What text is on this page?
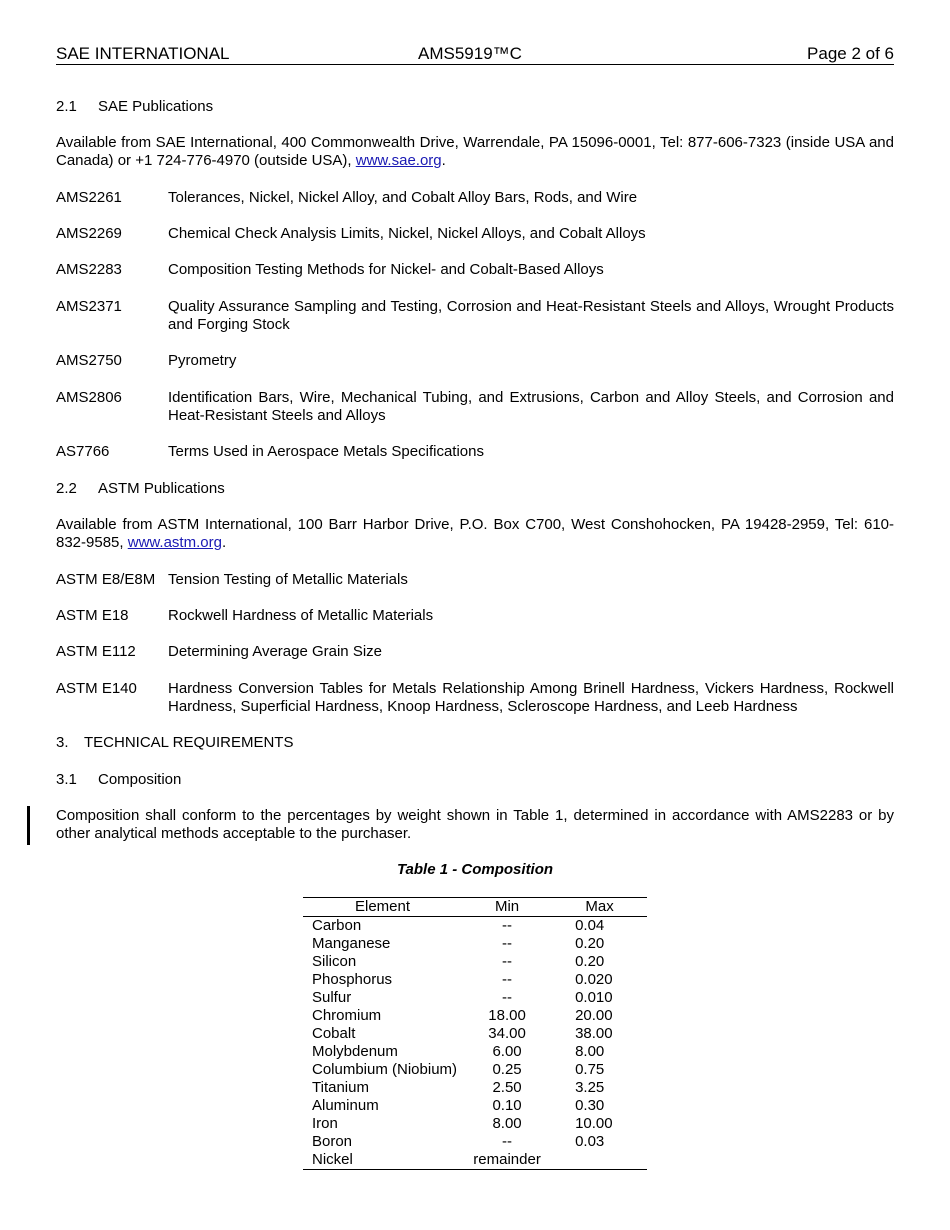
SAE INTERNATIONAL	AMS5919™C	Page 2 of 6
2.1 SAE Publications
Available from SAE International, 400 Commonwealth Drive, Warrendale, PA 15096-0001, Tel: 877-606-7323 (inside USA and Canada) or +1 724-776-4970 (outside USA), www.sae.org.
AMS2261	Tolerances, Nickel, Nickel Alloy, and Cobalt Alloy Bars, Rods, and Wire
AMS2269	Chemical Check Analysis Limits, Nickel, Nickel Alloys, and Cobalt Alloys
AMS2283	Composition Testing Methods for Nickel- and Cobalt-Based Alloys
AMS2371	Quality Assurance Sampling and Testing, Corrosion and Heat-Resistant Steels and Alloys, Wrought Products and Forging Stock
AMS2750	Pyrometry
AMS2806	Identification Bars, Wire, Mechanical Tubing, and Extrusions, Carbon and Alloy Steels, and Corrosion and Heat-Resistant Steels and Alloys
AS7766	Terms Used in Aerospace Metals Specifications
2.2 ASTM Publications
Available from ASTM International, 100 Barr Harbor Drive, P.O. Box C700, West Conshohocken, PA 19428-2959, Tel: 610-832-9585, www.astm.org.
ASTM E8/E8M Tension Testing of Metallic Materials
ASTM E18	Rockwell Hardness of Metallic Materials
ASTM E112	Determining Average Grain Size
ASTM E140	Hardness Conversion Tables for Metals Relationship Among Brinell Hardness, Vickers Hardness, Rockwell Hardness, Superficial Hardness, Knoop Hardness, Scleroscope Hardness, and Leeb Hardness
3. TECHNICAL REQUIREMENTS
3.1 Composition
Composition shall conform to the percentages by weight shown in Table 1, determined in accordance with AMS2283 or by other analytical methods acceptable to the purchaser.
Table 1 - Composition
Element	Min	Max
Carbon	--	0.04
Manganese	--	0.20
Silicon	--	0.20
Phosphorus	--	0.020
Sulfur	--	0.010
Chromium	18.00	20.00
Cobalt	34.00	38.00
Molybdenum	6.00	8.00
Columbium (Niobium)	0.25	0.75
Titanium	2.50	3.25
Aluminum	0.10	0.30
Iron	8.00	10.00
Boron	--	0.03
Nickel	remainder	
